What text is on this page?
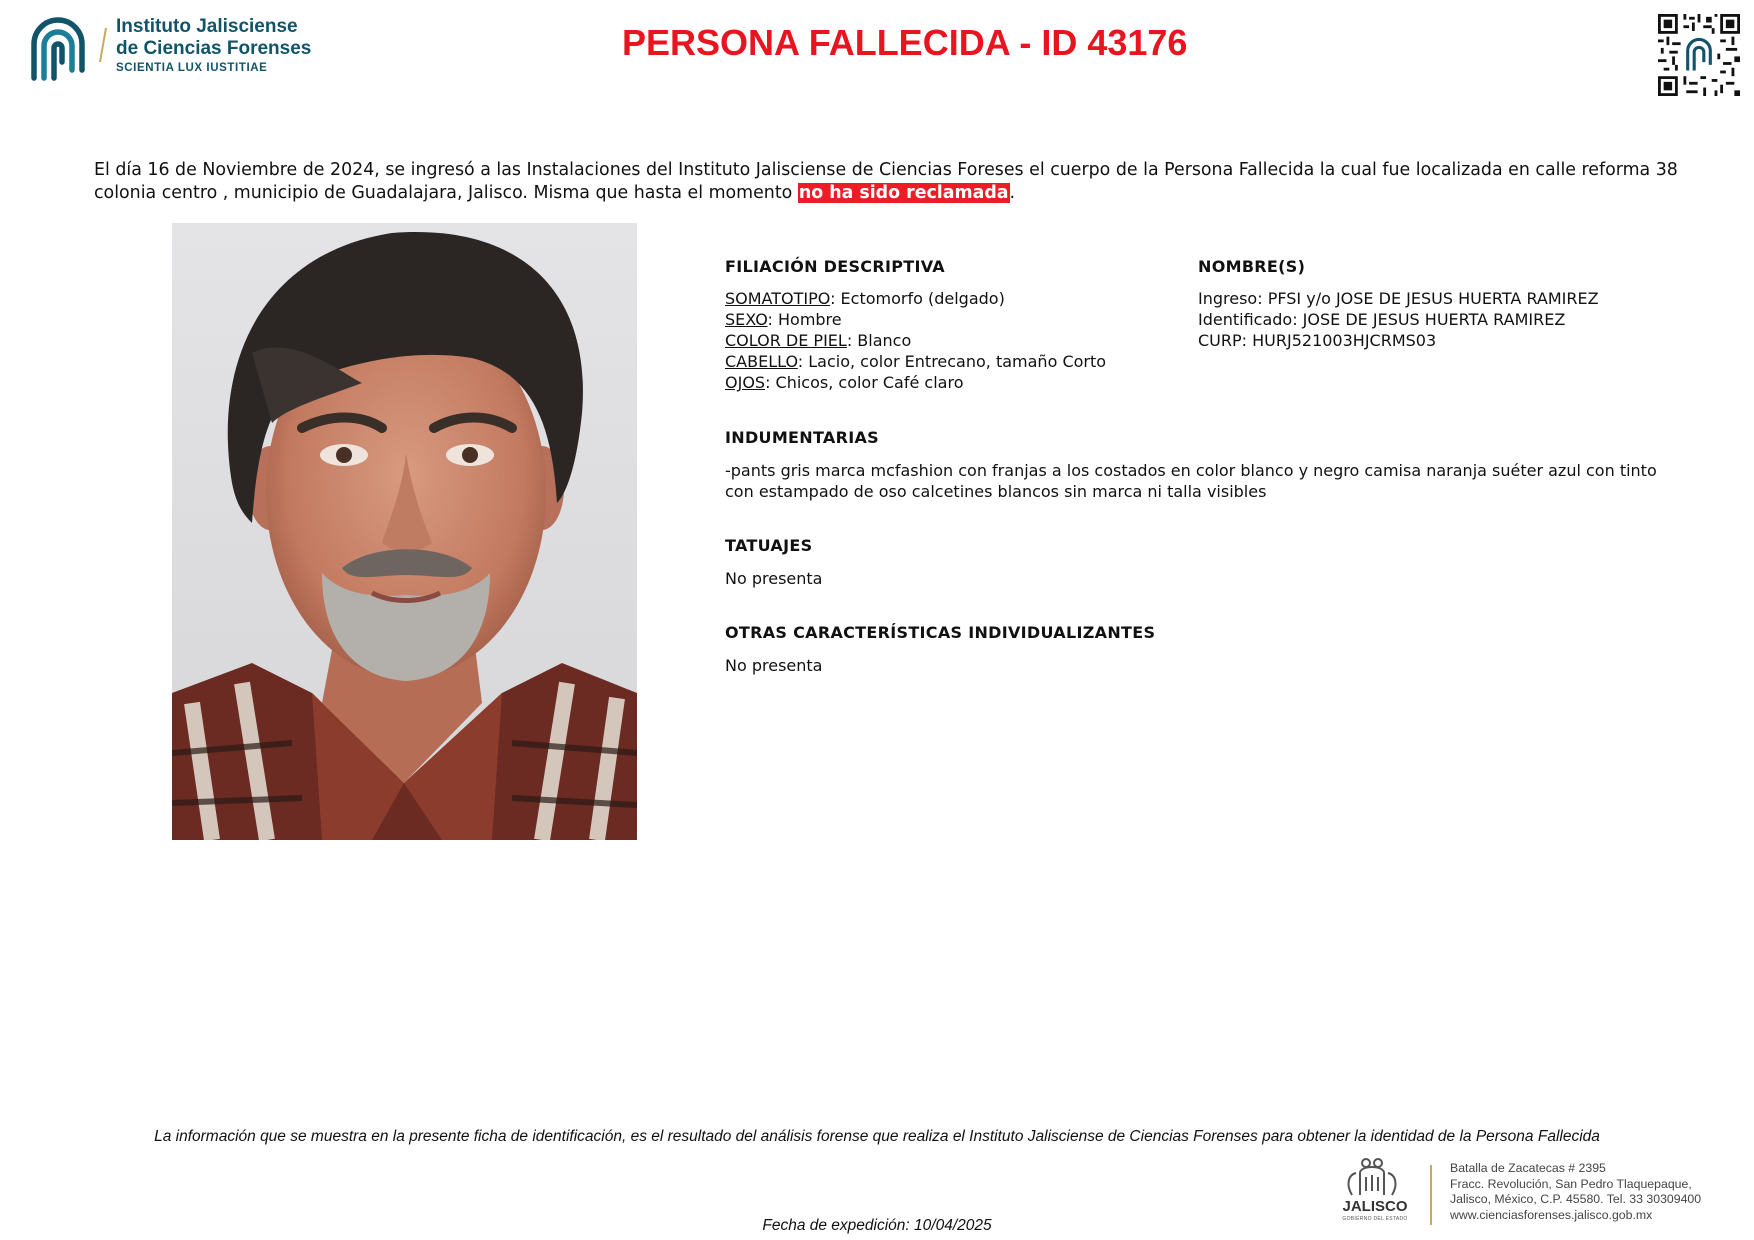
Instituto Jalisciense
de Ciencias Forenses
SCIENTIA LUX IUSTITIAE
PERSONA FALLECIDA - ID 43176
El día 16 de Noviembre de 2024, se ingresó a las Instalaciones del Instituto Jalisciense de Ciencias Foreses el cuerpo de la Persona Fallecida la cual fue localizada en calle reforma 38 colonia centro , municipio de Guadalajara, Jalisco. Misma que hasta el momento no ha sido reclamada.
FILIACIÓN DESCRIPTIVA
SOMATOTIPO: Ectomorfo (delgado)
SEXO: Hombre
COLOR DE PIEL: Blanco
CABELLO: Lacio, color Entrecano, tamaño Corto
OJOS: Chicos, color Café claro
NOMBRE(S)
Ingreso: PFSI y/o JOSE DE JESUS HUERTA RAMIREZ
Identificado: JOSE DE JESUS HUERTA RAMIREZ
CURP: HURJ521003HJCRMS03
INDUMENTARIAS
-pants gris marca mcfashion con franjas a los costados en color blanco y negro camisa naranja suéter azul con tinto con estampado de oso calcetines blancos sin marca ni talla visibles
TATUAJES
No presenta
OTRAS CARACTERÍSTICAS INDIVIDUALIZANTES
No presenta
La información que se muestra en la presente ficha de identificación, es el resultado del análisis forense que realiza el Instituto Jalisciense de Ciencias Forenses para obtener la identidad de la Persona Fallecida
Fecha de expedición: 10/04/2025
JALISCO
GOBIERNO DEL ESTADO
Batalla de Zacatecas # 2395
Fracc. Revolución, San Pedro Tlaquepaque,
Jalisco, México, C.P. 45580. Tel. 33 30309400
www.cienciasforenses.jalisco.gob.mx
